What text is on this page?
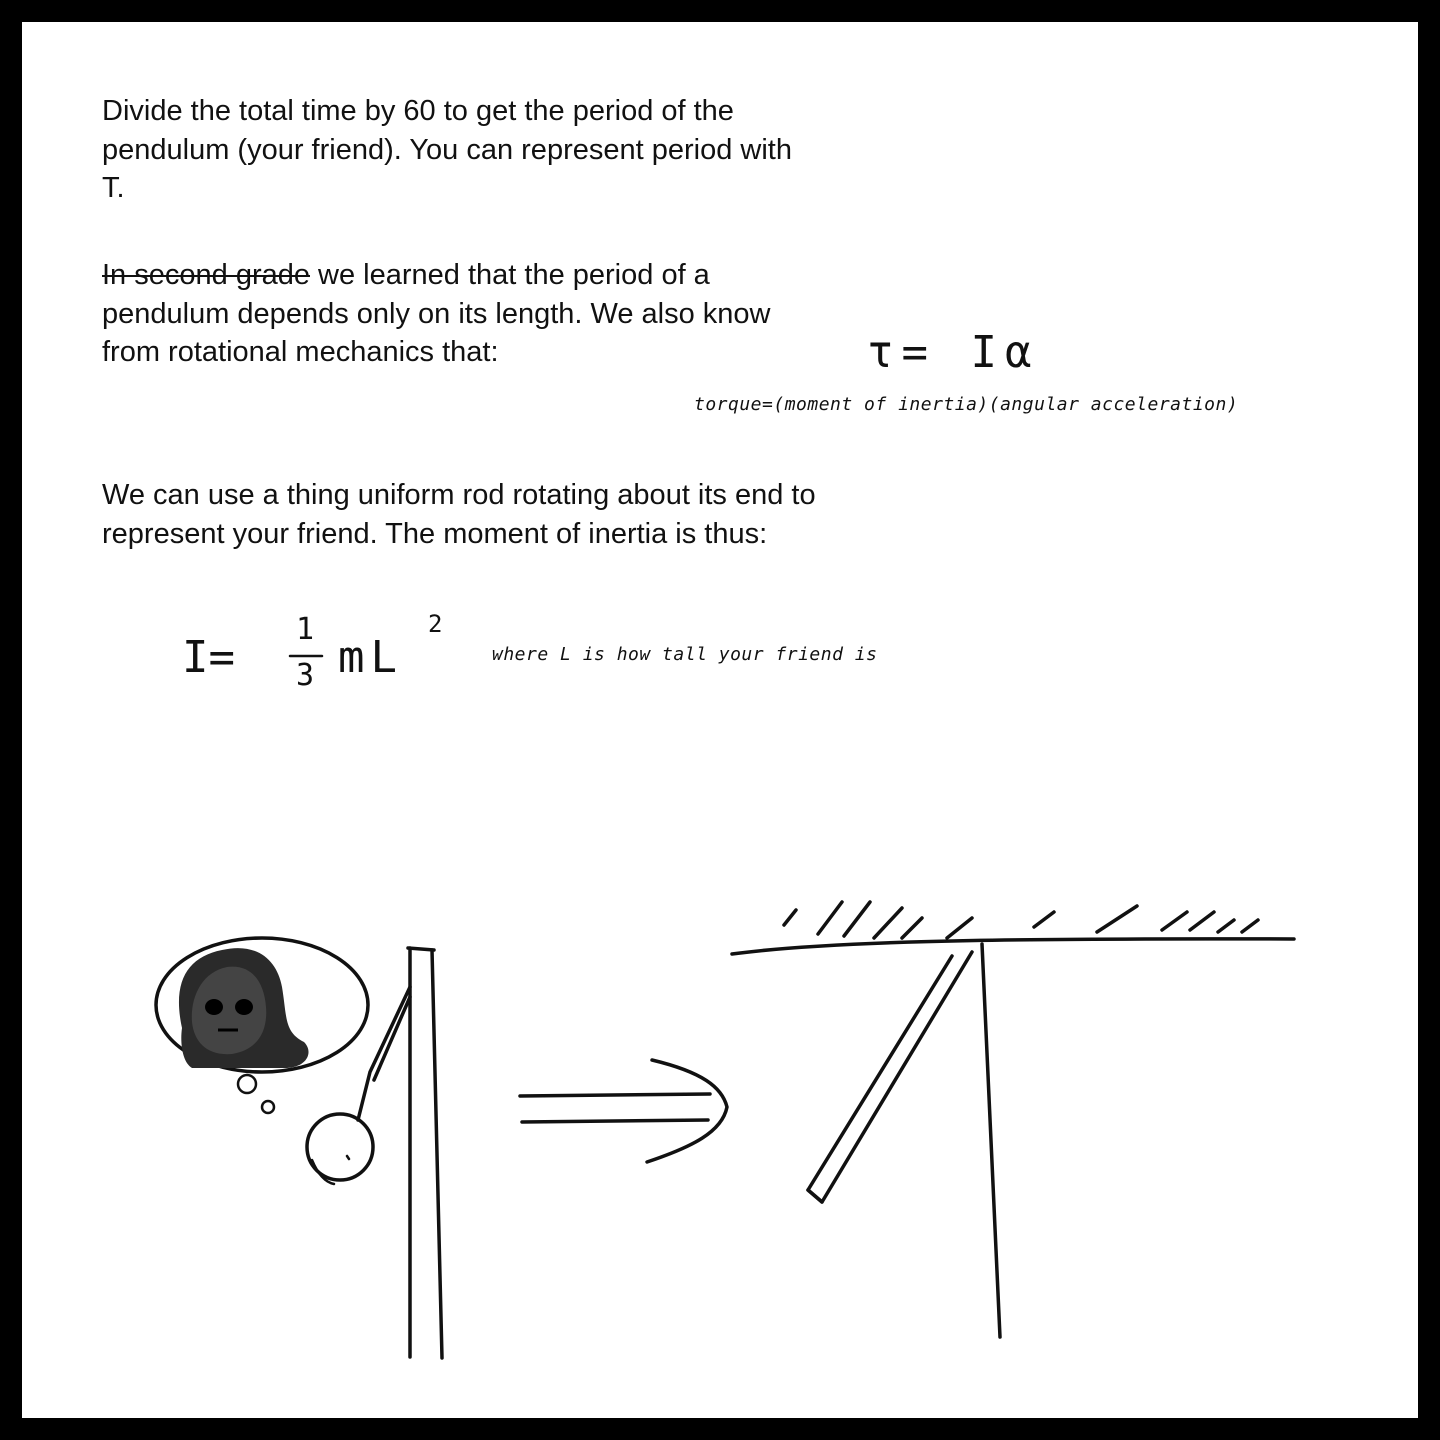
Divide the total time by 60 to get the period of the pendulum (your friend). You can represent period with T.

In second grade we learned that the period of a pendulum depends only on its length. We also know from rotational mechanics that:	τ= Iα
torque=(moment of inertia)(angular acceleration)

We can use a thing uniform rod rotating about its end to represent your friend. The moment of inertia is thus:

I=
1
3 mL
2
where L is how tall your friend is
